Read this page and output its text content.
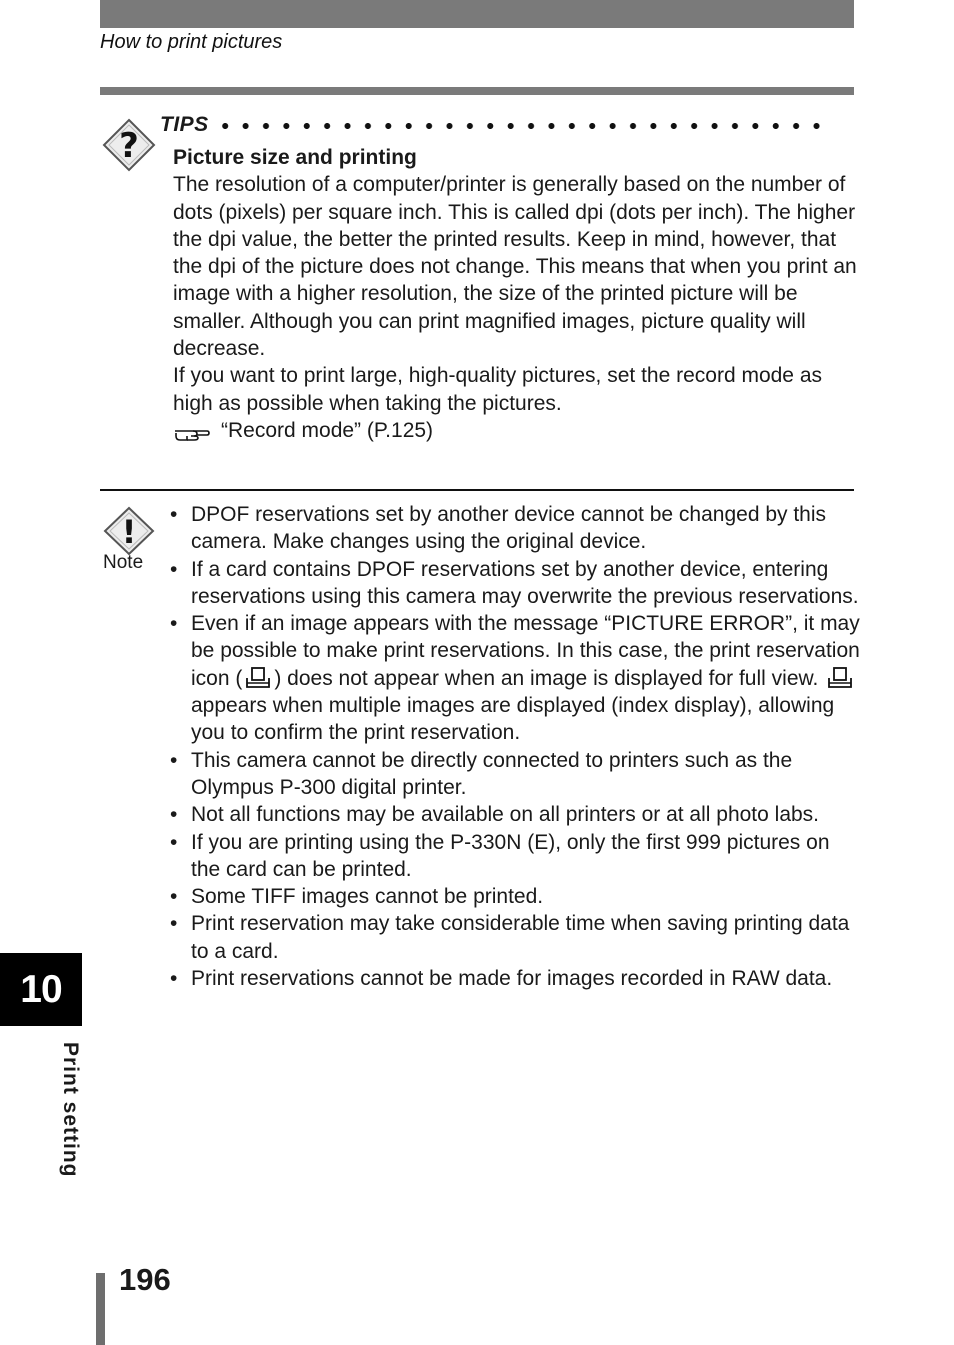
How to print pictures
?
TIPS

Picture size and printing

The resolution of a computer/printer is generally based on the number of dots (pixels) per square inch. This is called dpi (dots per inch). The higher the dpi value, the better the printed results. Keep in mind, however, that the dpi of the picture does not change. This means that when you print an image with a higher resolution, the size of the printed picture will be smaller. Although you can print magnified images, picture quality will decrease.

If you want to print large, high-quality pictures, set the record mode as high as possible when taking the pictures.

“Record mode” (P.125)
!
Note
• DPOF reservations set by another device cannot be changed by this camera. Make changes using the original device.
• If a card contains DPOF reservations set by another device, entering reservations using this camera may overwrite the previous reservations.
• Even if an image appears with the message “PICTURE ERROR”, it may be possible to make print reservations. In this case, the print reservation icon ( ) does not appear when an image is displayed for full view.  appears when multiple images are displayed (index display), allowing you to confirm the print reservation.
• This camera cannot be directly connected to printers such as the Olympus P-300 digital printer.
• Not all functions may be available on all printers or at all photo labs.
• If you are printing using the P-330N (E), only the first 999 pictures on the card can be printed.
• Some TIFF images cannot be printed.
• Print reservation may take considerable time when saving printing data to a card.
• Print reservations cannot be made for images recorded in RAW data.
10
Print setting
196
